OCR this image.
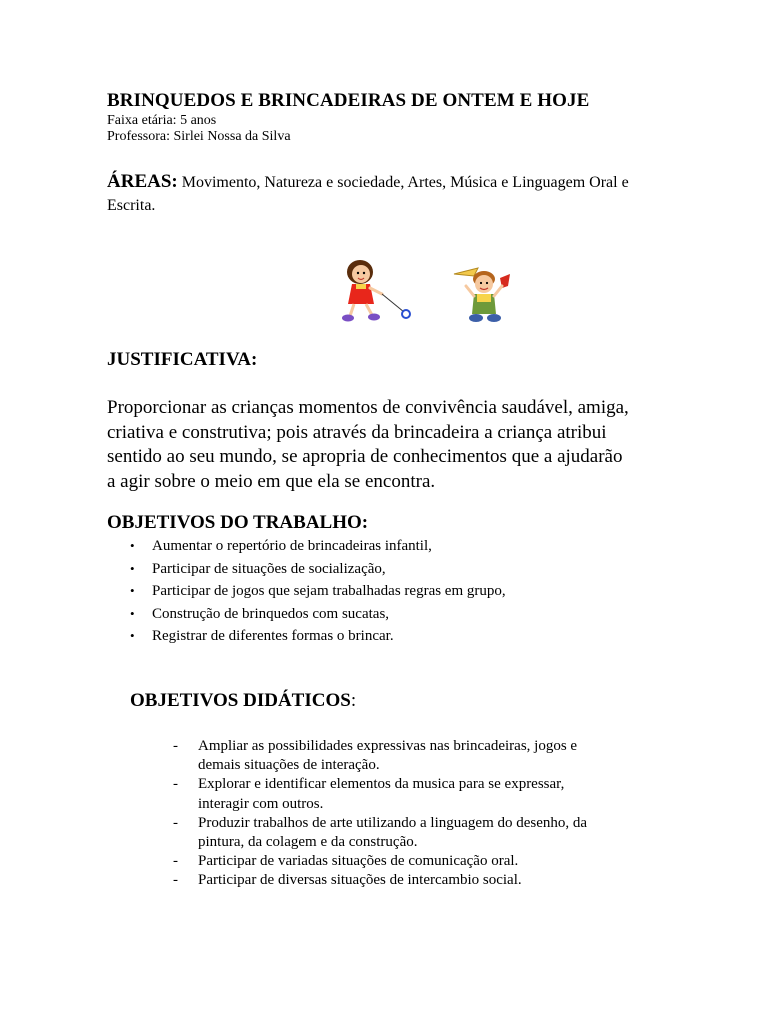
BRINQUEDOS E BRINCADEIRAS DE ONTEM E HOJE
Faixa etária: 5 anos
Professora: Sirlei Nossa da Silva
ÁREAS: Movimento, Natureza e sociedade, Artes, Música e Linguagem Oral e Escrita.
JUSTIFICATIVA:
Proporcionar as crianças momentos de convivência saudável, amiga,
criativa e construtiva; pois através da brincadeira a criança atribui
sentido ao seu mundo, se apropria de conhecimentos que a ajudarão
a agir sobre o meio em que ela se encontra.
OBJETIVOS DO TRABALHO:
• Aumentar o repertório de brincadeiras infantil,
• Participar de situações de socialização,
• Participar de jogos que sejam trabalhadas regras em grupo,
• Construção de brinquedos com sucatas,
• Registrar de diferentes formas o brincar.
OBJETIVOS DIDÁTICOS:
- Ampliar as possibilidades expressivas nas brincadeiras, jogos e
demais situações de interação.
- Explorar e identificar elementos da musica para se expressar,
interagir com outros.
- Produzir trabalhos de arte utilizando a linguagem do desenho, da
pintura, da colagem e da construção.
- Participar de variadas situações de comunicação oral.
- Participar de diversas situações de intercambio social.
